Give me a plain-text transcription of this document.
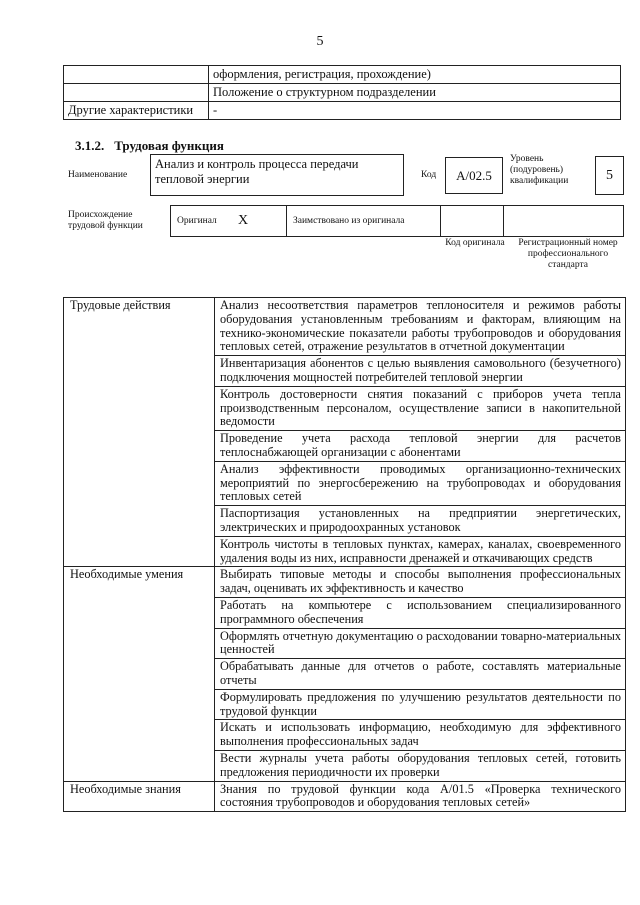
5
	оформления, регистрация, прохождение)
	Положение о структурном подразделении
Другие характеристики	-
3.1.2. Трудовая функция
Наименование
Анализ и контроль процесса передачи тепловой энергии	Код	A/02.5
Уровень (подуровень) квалификации	5
Происхождение трудовой функции	Оригинал X	Заимствовано из оригинала
Код оригинала	Регистрационный номер профессионального стандарта
Трудовые действия	Анализ несоответствия параметров теплоносителя и режимов работы оборудования установленным требованиям и факторам, влияющим на технико-экономические показатели работы трубопроводов и оборудования тепловых сетей, отражение результатов в отчетной документации
	Инвентаризация абонентов с целью выявления самовольного (безучетного) подключения мощностей потребителей тепловой энергии
	Контроль достоверности снятия показаний с приборов учета тепла производственным персоналом, осуществление записи в накопительной ведомости
	Проведение учета расхода тепловой энергии для расчетов теплоснабжающей организации с абонентами
	Анализ эффективности проводимых организационно-технических мероприятий по энергосбережению на трубопроводах и оборудования тепловых сетей
	Паспортизация установленных на предприятии энергетических, электрических и природоохранных установок
	Контроль чистоты в тепловых пунктах, камерах, каналах, своевременного удаления воды из них, исправности дренажей и откачивающих средств
Необходимые умения	Выбирать типовые методы и способы выполнения профессиональных задач, оценивать их эффективность и качество
	Работать на компьютере с использованием специализированного программного обеспечения
	Оформлять отчетную документацию о расходовании товарно-материальных ценностей
	Обрабатывать данные для отчетов о работе, составлять материальные отчеты
	Формулировать предложения по улучшению результатов деятельности по трудовой функции
	Искать и использовать информацию, необходимую для эффективного выполнения профессиональных задач
	Вести журналы учета работы оборудования тепловых сетей, готовить предложения периодичности их проверки
Необходимые знания	Знания по трудовой функции кода A/01.5 «Проверка технического состояния трубопроводов и оборудования тепловых сетей»
